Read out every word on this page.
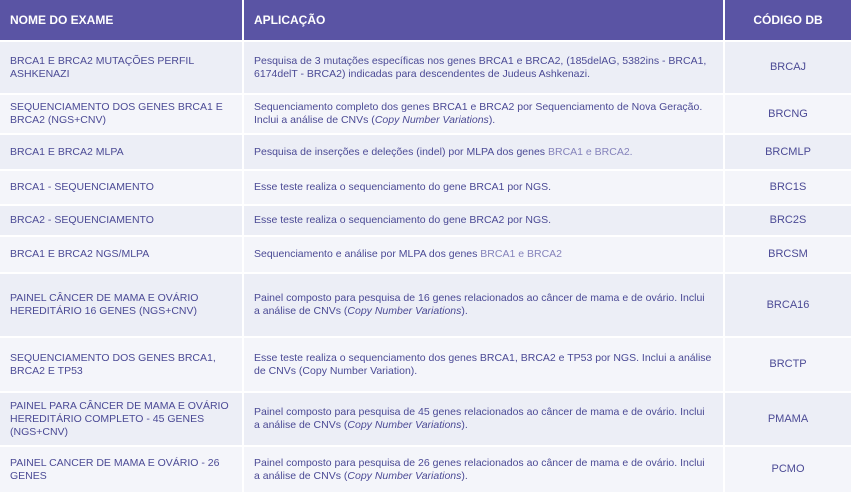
NOME DO EXAME	APLICAÇÃO	CÓDIGO DB
BRCA1 E BRCA2 MUTAÇÕES PERFIL ASHKENAZI	Pesquisa de 3 mutações específicas nos genes BRCA1 e BRCA2, (185delAG, 5382ins - BRCA1, 6174delT - BRCA2) indicadas para descendentes de Judeus Ashkenazi.	BRCAJ
SEQUENCIAMENTO DOS GENES BRCA1 E BRCA2 (NGS+CNV)	Sequenciamento completo dos genes BRCA1 e BRCA2 por Sequenciamento de Nova Geração. Inclui a análise de CNVs (Copy Number Variations).	BRCNG
BRCA1 E BRCA2 MLPA	Pesquisa de inserções e deleções (indel) por MLPA dos genes BRCA1 e BRCA2.	BRCMLP
BRCA1 - SEQUENCIAMENTO	Esse teste realiza o sequenciamento do gene BRCA1 por NGS.	BRC1S
BRCA2 - SEQUENCIAMENTO	Esse teste realiza o sequenciamento do gene BRCA2 por NGS.	BRC2S
BRCA1 E BRCA2 NGS/MLPA	Sequenciamento e análise por MLPA dos genes BRCA1 e BRCA2	BRCSM
PAINEL CÂNCER DE MAMA E OVÁRIO HEREDITÁRIO 16 GENES (NGS+CNV)	Painel composto para pesquisa de 16 genes relacionados ao câncer de mama e de ovário. Inclui a análise de CNVs (Copy Number Variations).	BRCA16
SEQUENCIAMENTO DOS GENES BRCA1, BRCA2 E TP53	Esse teste realiza o sequenciamento dos genes BRCA1, BRCA2 e TP53 por NGS. Inclui a análise de CNVs (Copy Number Variation).	BRCTP
PAINEL PARA CÂNCER DE MAMA E OVÁRIO HEREDITÁRIO COMPLETO - 45 GENES (NGS+CNV)	Painel composto para pesquisa de 45 genes relacionados ao câncer de mama e de ovário. Inclui a análise de CNVs (Copy Number Variations).	PMAMA
PAINEL CANCER DE MAMA E OVÁRIO - 26 GENES	Painel composto para pesquisa de 26 genes relacionados ao câncer de mama e de ovário. Inclui a análise de CNVs (Copy Number Variations).	PCMO
